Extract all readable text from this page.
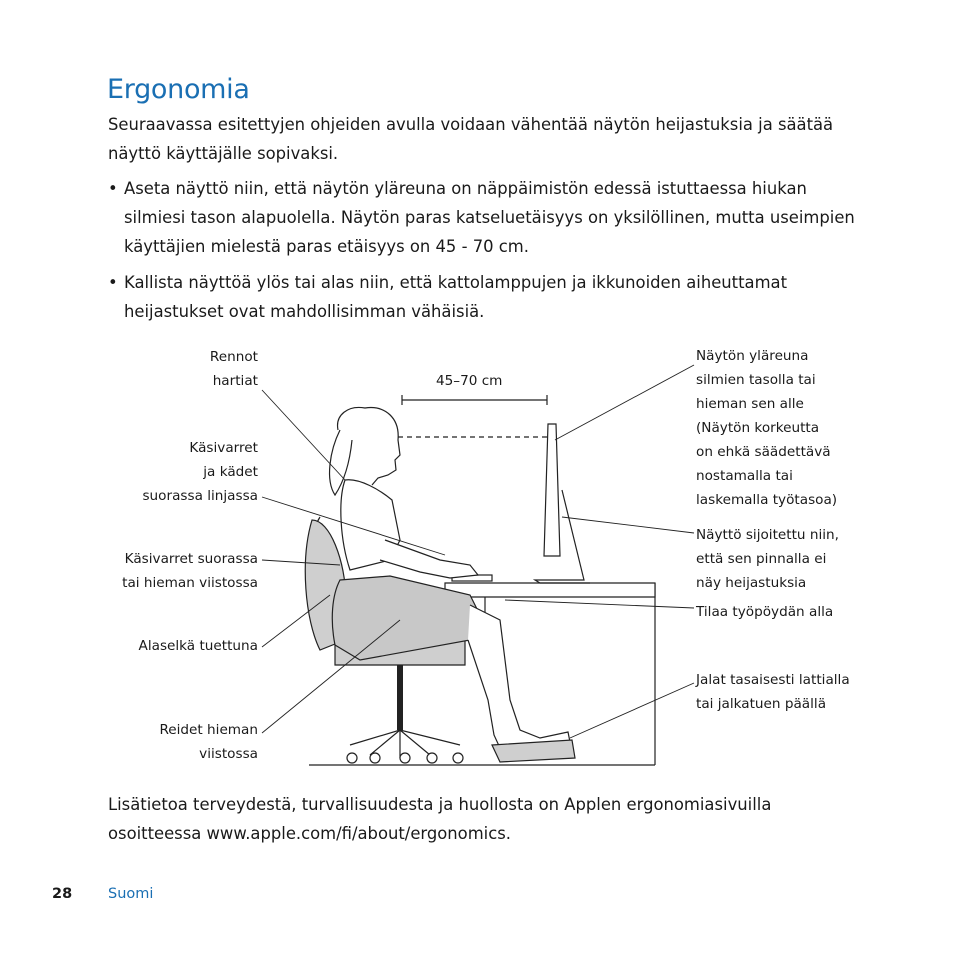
Ergonomia
Seuraavassa esitettyjen ohjeiden avulla voidaan vähentää näytön heijastuksia ja säätää näyttö käyttäjälle sopivaksi.
• Aseta näyttö niin, että näytön yläreuna on näppäimistön edessä istuttaessa hiukan silmiesi tason alapuolella. Näytön paras katseluetäisyys on yksilöllinen, mutta useimpien käyttäjien mielestä paras etäisyys on 45 - 70 cm.
• Kallista näyttöä ylös tai alas niin, että kattolamppujen ja ikkunoiden aiheuttamat heijastukset ovat mahdollisimman vähäisiä.
45–70 cm
Rennot
hartiat
Käsivarret
ja kädet
suorassa linjassa
Käsivarret suorassa
tai hieman viistossa
Alaselkä tuettuna
Reidet hieman
viistossa
Näytön yläreuna
silmien tasolla tai
hieman sen alle
(Näytön korkeutta
on ehkä säädettävä
nostamalla tai
laskemalla työtasoa)
Näyttö sijoitettu niin,
että sen pinnalla ei
näy heijastuksia
Tilaa työpöydän alla
Jalat tasaisesti lattialla
tai jalkatuen päällä
Lisätietoa terveydestä, turvallisuudesta ja huollosta on Applen ergonomiasivuilla osoitteessa www.apple.com/fi/about/ergonomics.
28 Suomi
